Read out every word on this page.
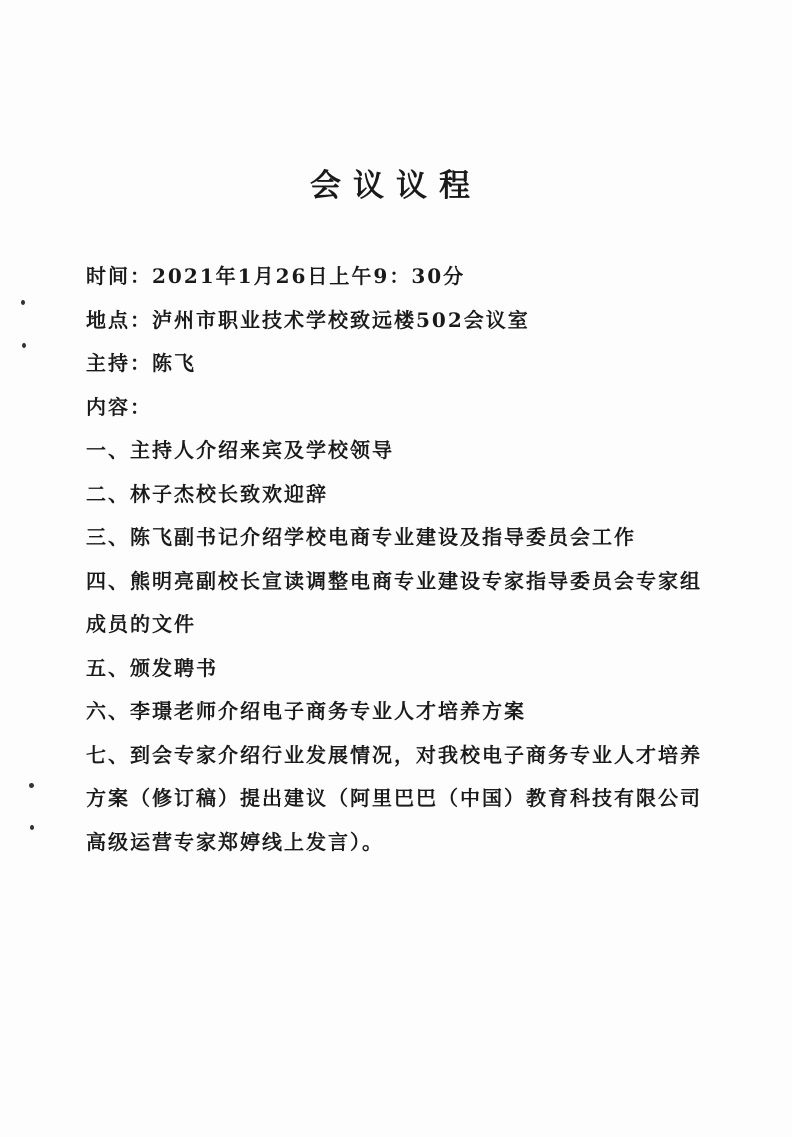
会议议程
时间：2021年1月26日上午9：30分
地点：泸州市职业技术学校致远楼502会议室
主持：陈飞
内容：
一、主持人介绍来宾及学校领导
二、林子杰校长致欢迎辞
三、陈飞副书记介绍学校电商专业建设及指导委员会工作
四、熊明亮副校长宣读调整电商专业建设专家指导委员会专家组
成员的文件
五、颁发聘书
六、李璟老师介绍电子商务专业人才培养方案
七、到会专家介绍行业发展情况，对我校电子商务专业人才培养
方案（修订稿）提出建议（阿里巴巴（中国）教育科技有限公司
高级运营专家郑婷线上发言）。
